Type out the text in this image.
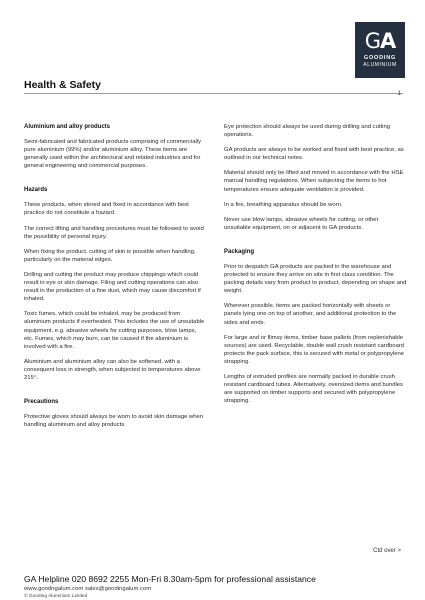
GA
GOODING
ALUMINIUM
Health & Safety
1
Aluminium and alloy products

Semi-fabricated and fabricated products comprising of commercially pure aluminium (99%) and/or aluminium alloy. These items are generally used within the architectural and related industries and for general engineering and commercial purposes.

Hazards

These products, when stored and fixed in accordance with best practice do not constitute a hazard.

The correct lifting and handling procedures must be followed to avoid the possibility of personal injury.

When fixing the product, cutting of skin is possible when handling, particularly on the material edges.

Drilling and cutting the product may produce chippings which could result in eye or skin damage. Filing and cutting operations can also result in the production of a fine dust, which may cause discomfort if inhaled.

Toxic fumes, which could be inhaled, may be produced from aluminium products if overheated. This includes the use of unsuitable equipment, e.g. abrasive wheels for cutting purposes, blow lamps, etc. Fumes, which may burn, can be caused if the aluminium is involved with a fire.

Aluminium and aluminium alloy can also be softened, with a consequent loss in strength, when subjected to temperatures above 215°.

Precautions

Protective gloves should always be worn to avoid skin damage when handling aluminium and alloy products.

Eye protection should always be used during drilling and cutting operations.

GA products are always to be worked and fixed with best practice, as outlined in our technical notes.

Material should only be lifted and moved in accordance with the HSE manual handling regulations. When subjecting the items to hot temperatures ensure adequate ventilation is provided.

In a fire, breathing apparatus should be worn.

Never use blow lamps, abrasive wheels for cutting, or other unsuitable equipment, on or adjacent to GA products.

Packaging

Prior to despatch GA products are packed in the warehouse and protected to ensure they arrive on site in first class condition. The packing details vary from product to product, depending on shape and weight.

Wherever possible, items are packed horizontally with sheets or panels lying one on top of another, and additional protection to the sides and ends.

For large and or flimsy items, timber base pallets (from replenishable sources) are used. Recyclable, double wall crush resistant cardboard protects the pack surface, this is secured with metal or polypropylene strapping.

Lengths of extruded profiles are normally packed in durable crush resistant cardboard tubes. Alternatively, oversized items and bundles are supported on timber supports and secured with polypropylene strapping.

Ctd over >
GA Helpline 020 8692 2255 Mon-Fri 8.30am-5pm for professional assistance
www.goodngalum.com sales@goodingalum.com
© Gooding Aluminium Limited
